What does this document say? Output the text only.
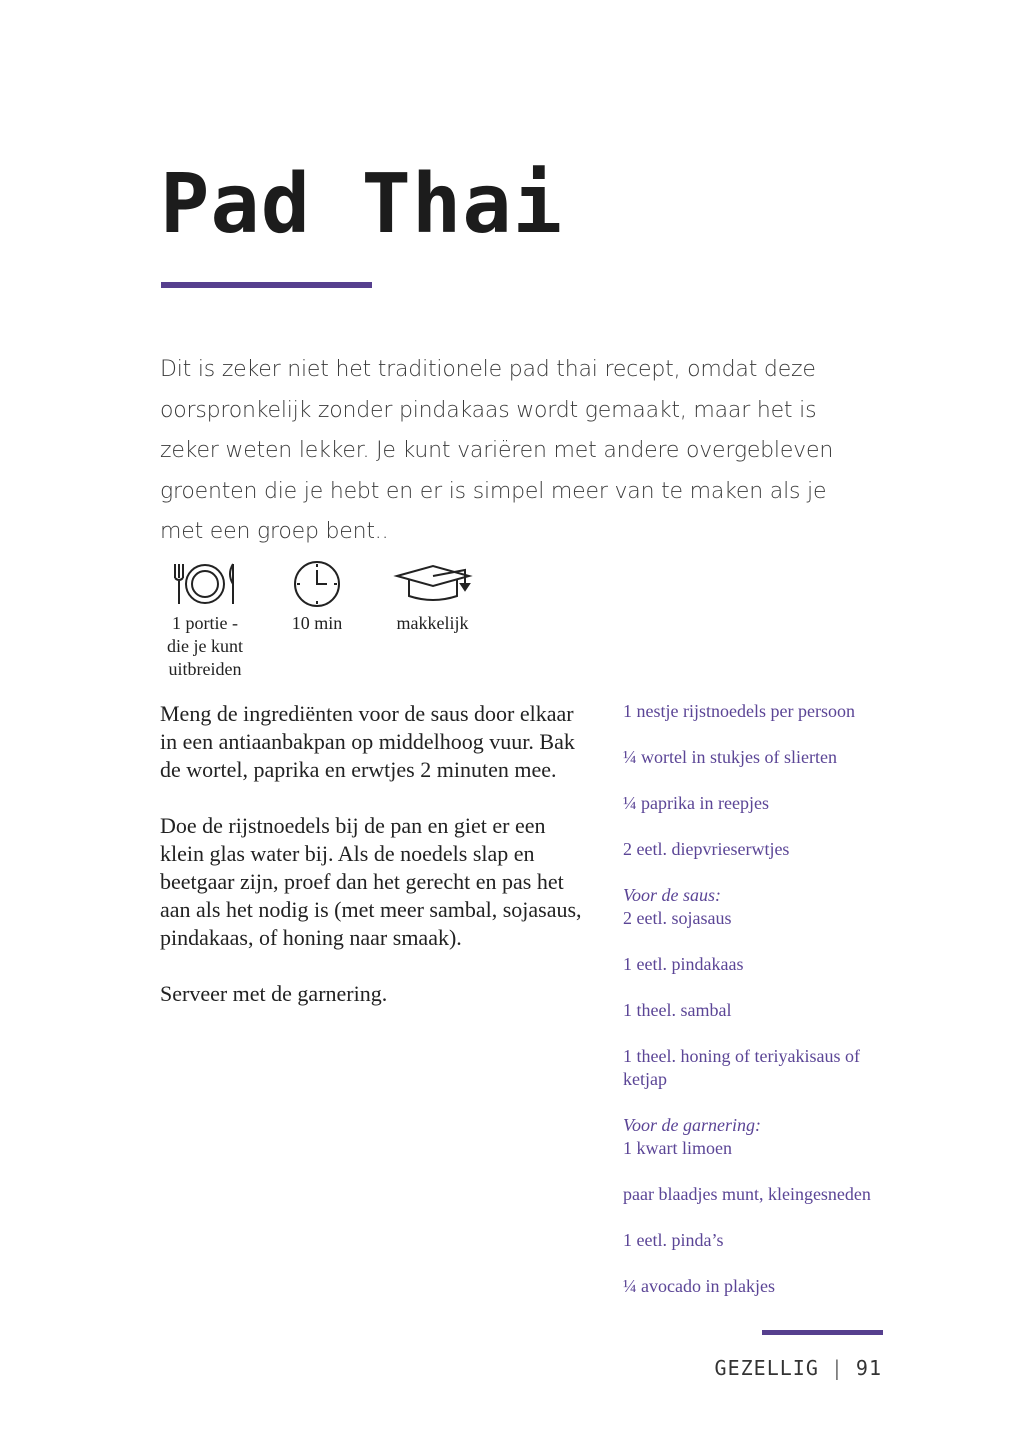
Pad Thai

Dit is zeker niet het traditionele pad thai recept, omdat deze oorspronkelijk zonder pindakaas wordt gemaakt, maar het is zeker weten lekker. Je kunt variëren met andere overgebleven groenten die je hebt en er is simpel meer van te maken als je met een groep bent..

1 portie - die je kunt uitbreiden
10 min	makkelijk

Meng de ingrediënten voor de saus door elkaar in een antiaanbakpan op middelhoog vuur. Bak de wortel, paprika en erwtjes 2 minuten mee.

Doe de rijstnoedels bij de pan en giet er een klein glas water bij. Als de noedels slap en beetgaar zijn, proef dan het gerecht en pas het aan als het nodig is (met meer sambal, sojasaus, pindakaas, of honing naar smaak).

Serveer met de garnering.

1 nestje rijstnoedels per persoon
¼ wortel in stukjes of slierten
¼ paprika in reepjes
2 eetl. diepvrieserwtjes
Voor de saus:
2 eetl. sojasaus
1 eetl. pindakaas
1 theel. sambal
1 theel. honing of teriyakisaus of ketjap
Voor de garnering:
1 kwart limoen
paar blaadjes munt, kleingesneden
1 eetl. pinda’s
¼ avocado in plakjes
GEZELLIG | 91
